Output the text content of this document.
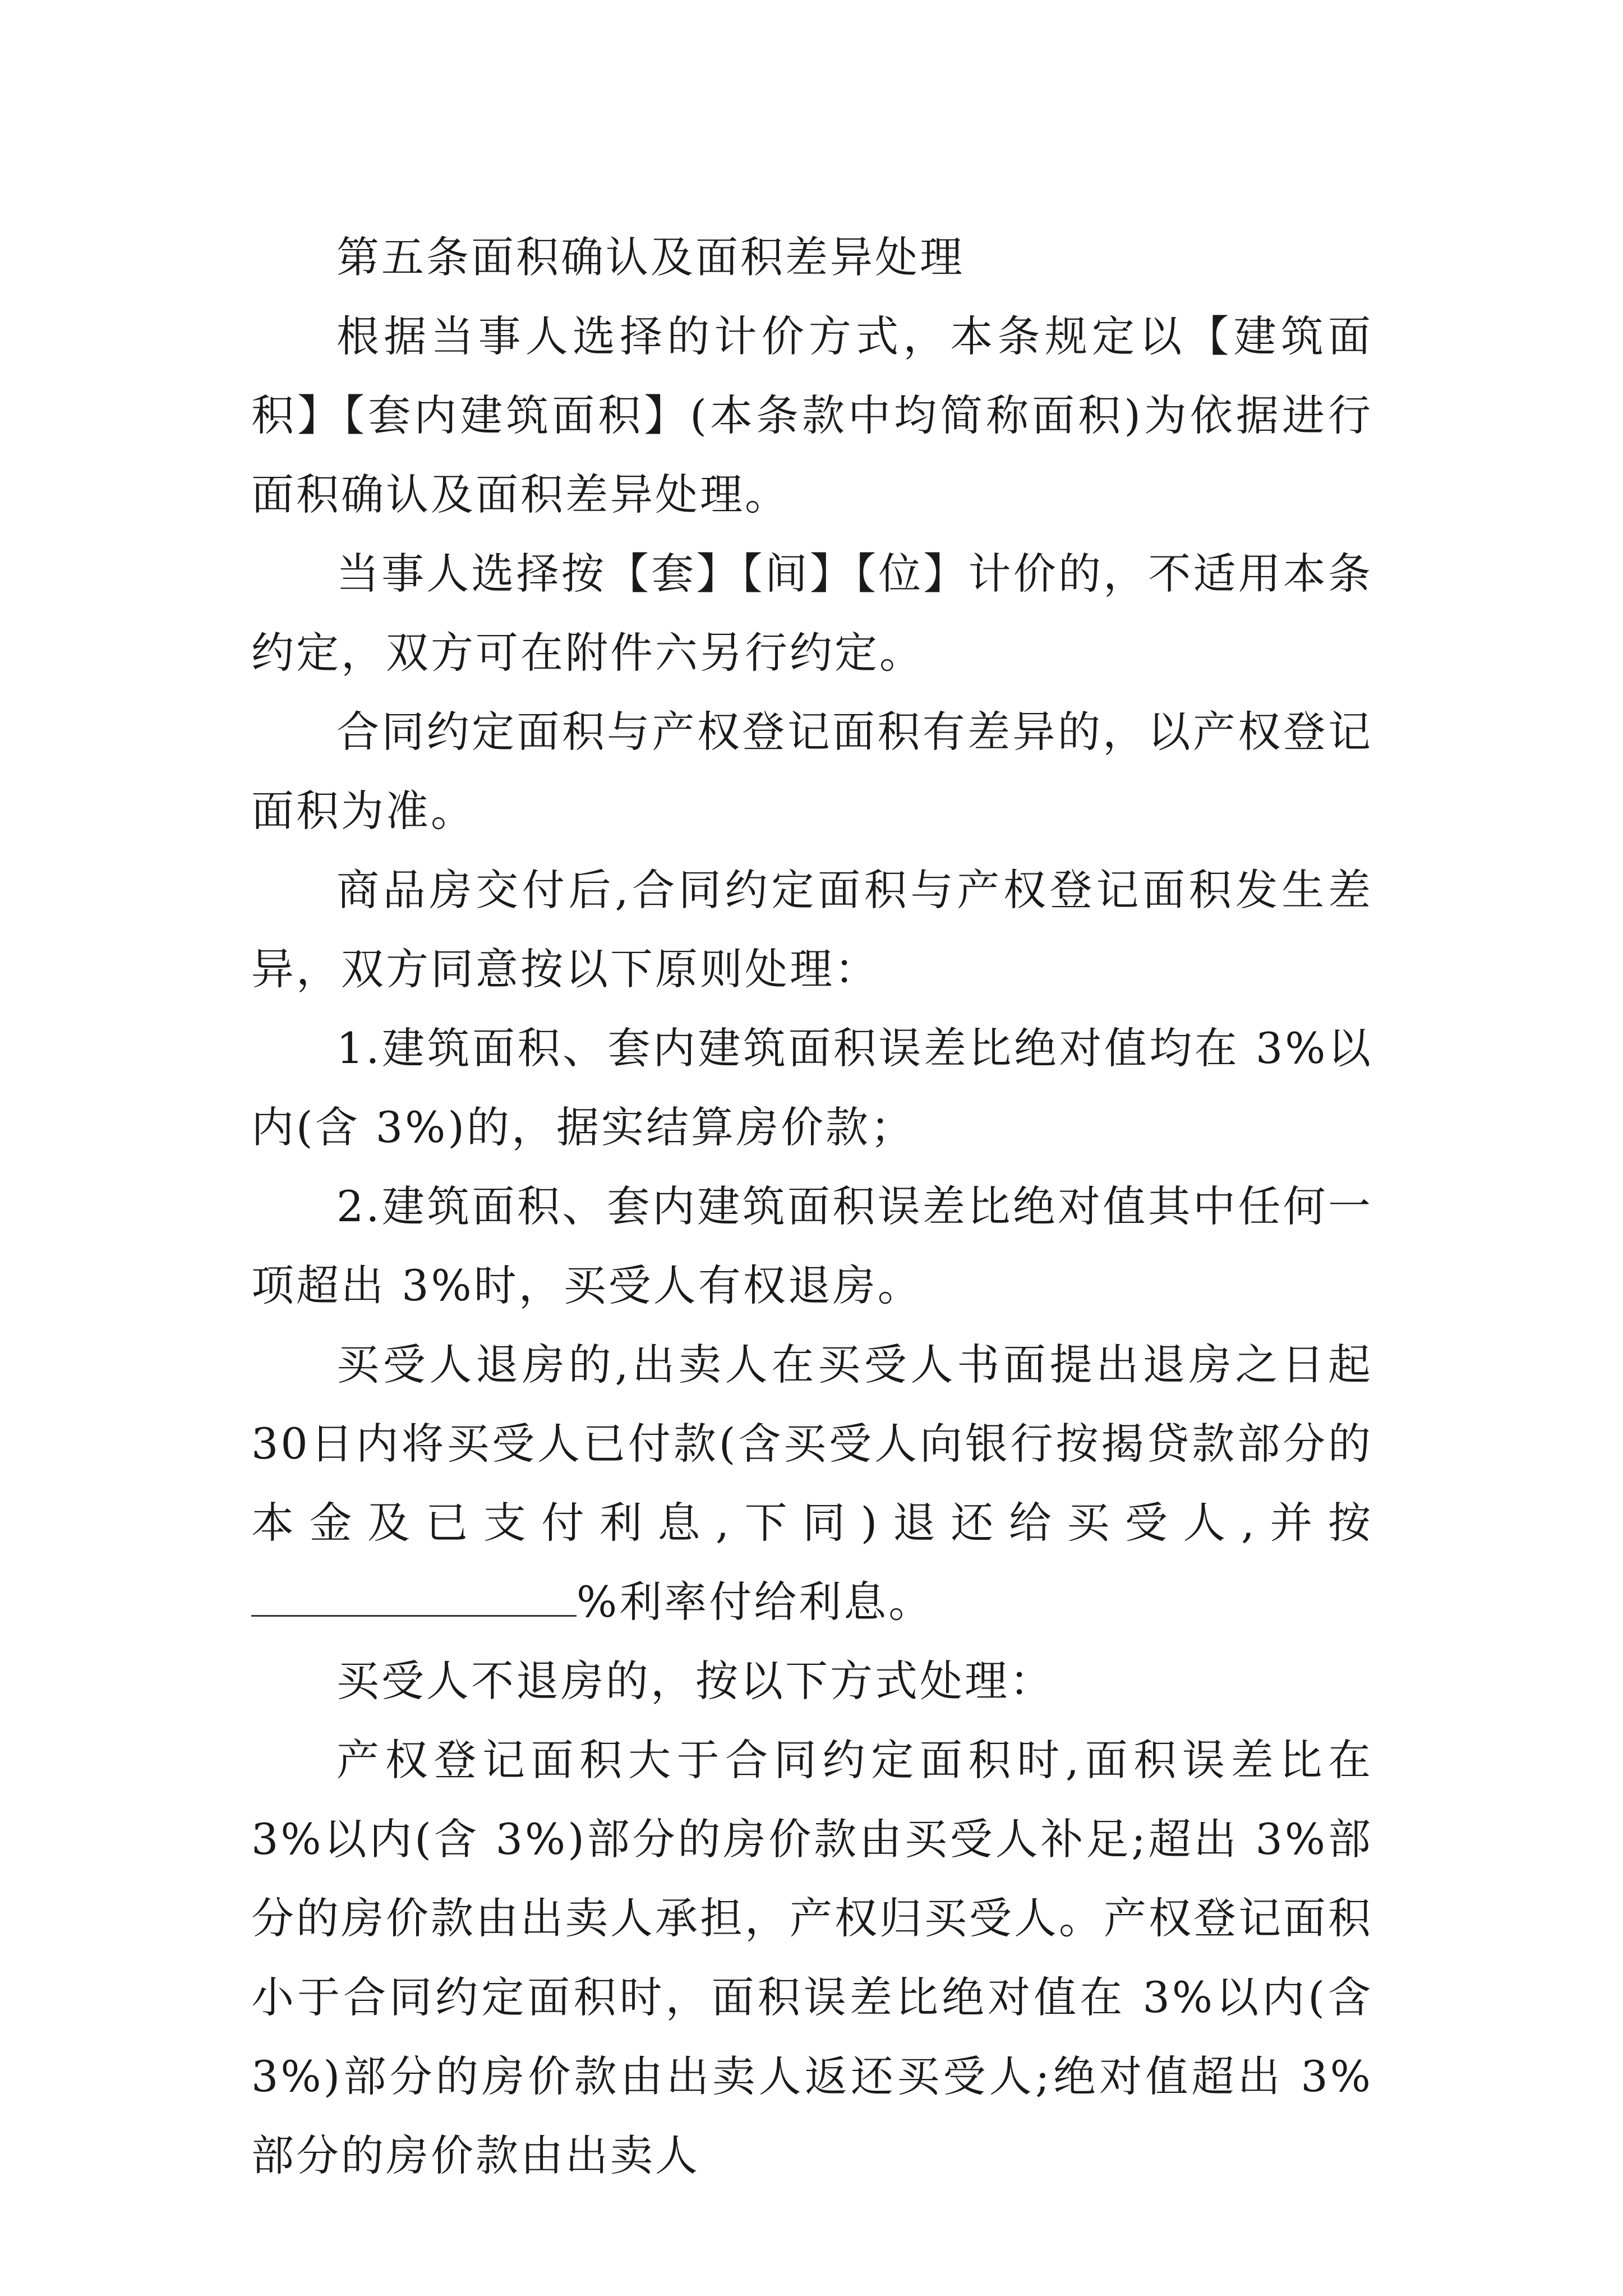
第五条面积确认及面积差异处理

根据当事人选择的计价方式，本条规定以【建筑面积】【套内建筑面积】(本条款中均简称面积)为依据进行面积确认及面积差异处理。

当事人选择按【套】【间】【位】计价的，不适用本条约定，双方可在附件六另行约定。

合同约定面积与产权登记面积有差异的，以产权登记面积为准。

商品房交付后,合同约定面积与产权登记面积发生差异，双方同意按以下原则处理：

1.建筑面积、套内建筑面积误差比绝对值均在 3%以内(含 3%)的，据实结算房价款；

2.建筑面积、套内建筑面积误差比绝对值其中任何一项超出 3%时，买受人有权退房。

买受人退房的,出卖人在买受人书面提出退房之日起 30日内将买受人已付款(含买受人向银行按揭贷款部分的本金及已支付利息,下同)退还给买受人,并按%利率付给利息。

买受人不退房的，按以下方式处理：

产权登记面积大于合同约定面积时,面积误差比在 3%以内(含 3%)部分的房价款由买受人补足;超出 3%部分的房价款由出卖人承担，产权归买受人。产权登记面积小于合同约定面积时，面积误差比绝对值在 3%以内(含 3%)部分的房价款由出卖人返还买受人;绝对值超出 3%部分的房价款由出卖人
